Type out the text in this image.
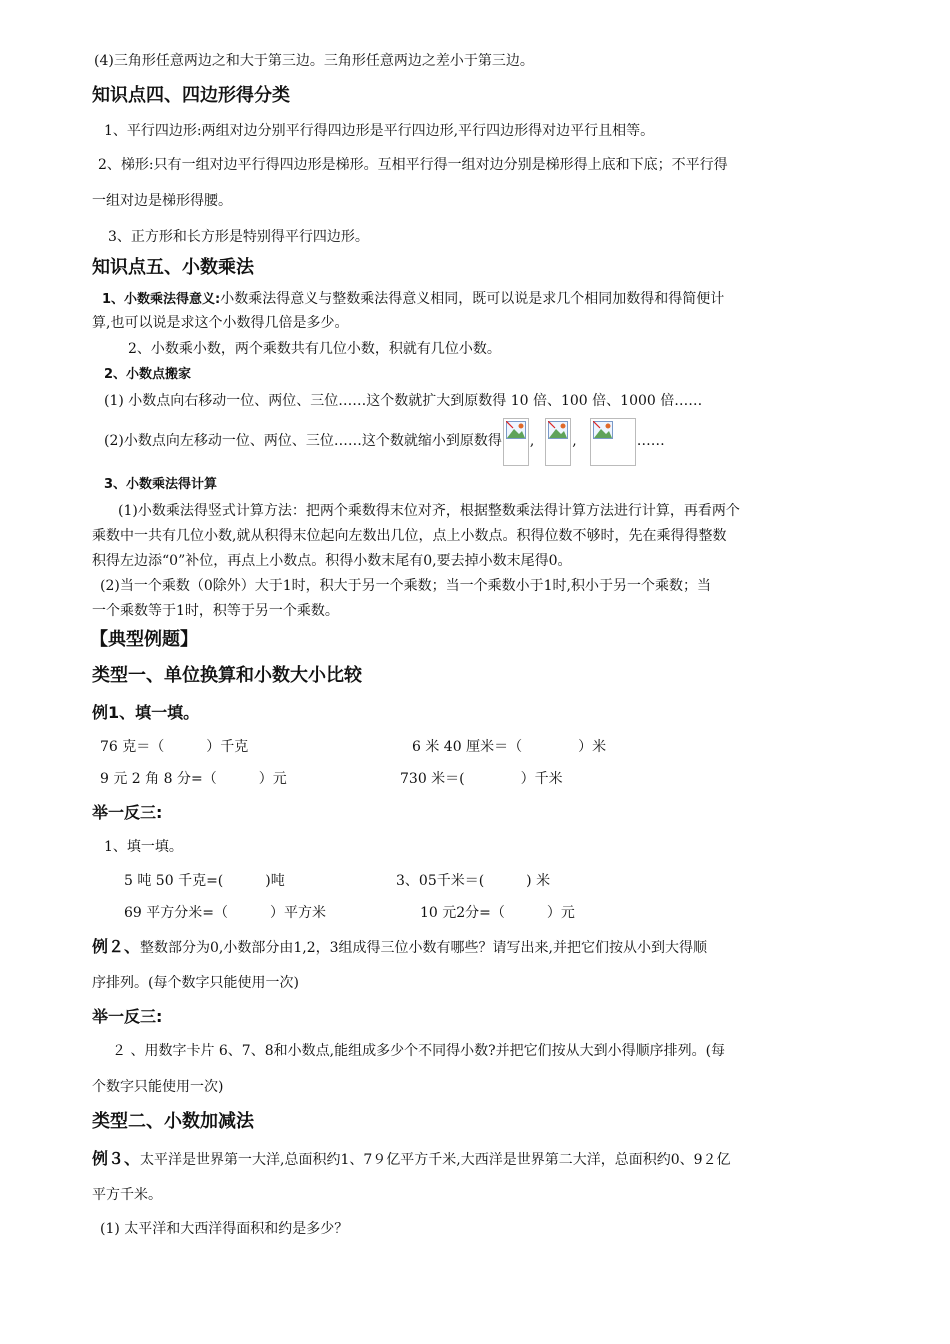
(4)三角形任意两边之和大于第三边。三角形任意两边之差小于第三边。
知识点四、四边形得分类
1、平行四边形:两组对边分别平行得四边形是平行四边形,平行四边形得对边平行且相等。
2、梯形:只有一组对边平行得四边形是梯形。互相平行得一组对边分别是梯形得上底和下底；不平行得
一组对边是梯形得腰。
3、正方形和长方形是特别得平行四边形。
知识点五、小数乘法
1、小数乘法得意义:小数乘法得意义与整数乘法得意义相同，既可以说是求几个相同加数得和得简便计
算,也可以说是求这个小数得几倍是多少。
2、小数乘小数，两个乘数共有几位小数，积就有几位小数。
2、小数点搬家
(1) 小数点向右移动一位、两位、三位……这个数就扩大到原数得 10 倍、100 倍、1000 倍……
(2)小数点向左移动一位、两位、三位……这个数就缩小到原数得 ,	,	……
3、小数乘法得计算
(1)小数乘法得竖式计算方法：把两个乘数得末位对齐，根据整数乘法得计算方法进行计算，再看两个
乘数中一共有几位小数,就从积得末位起向左数出几位，点上小数点。积得位数不够时，先在乘得得整数
积得左边添“0”补位，再点上小数点。积得小数末尾有0,要去掉小数末尾得0。
(2)当一个乘数（0除外）大于1时，积大于另一个乘数；当一个乘数小于1时,积小于另一个乘数；当
一个乘数等于1时，积等于另一个乘数。
【典型例题】
类型一、单位换算和小数大小比较
例1、填一填。
76 克＝（　　　）千克	6 米 40 厘米＝（　　　　）米
9 元 2 角 8 分=（　　　）元	730 米＝(　　　　）千米
举一反三:
1、填一填。
5 吨 50 千克=(　　　)吨	3、05千米＝(　　　) 米
69 平方分米=（　　　）平方米	10 元2分=（　　　）元
例２、整数部分为0,小数部分由1,2，3组成得三位小数有哪些？请写出来,并把它们按从小到大得顺
序排列。(每个数字只能使用一次)
举一反三:
２ 、用数字卡片 6、7、8和小数点,能组成多少个不同得小数?并把它们按从大到小得顺序排列。(每
个数字只能使用一次)
类型二、小数加减法
例３、太平洋是世界第一大洋,总面积约1、7９亿平方千米,大西洋是世界第二大洋，总面积约0、9２亿
平方千米。
(1) 太平洋和大西洋得面积和约是多少？
